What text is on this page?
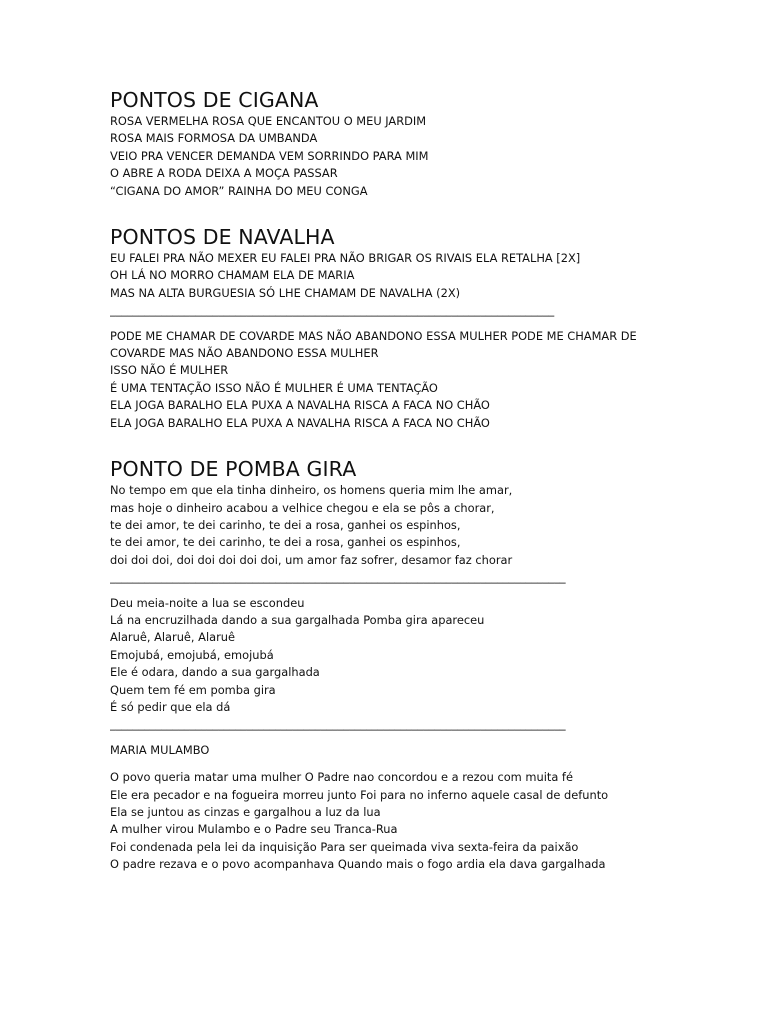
PONTOS DE CIGANA

ROSA VERMELHA ROSA QUE ENCANTOU O MEU JARDIM

ROSA MAIS FORMOSA DA UMBANDA

VEIO PRA VENCER DEMANDA VEM SORRINDO PARA MIM

O ABRE A RODA DEIXA A MOÇA PASSAR

“CIGANA DO AMOR” RAINHA DO MEU CONGA

PONTOS DE NAVALHA

EU FALEI PRA NÃO MEXER EU FALEI PRA NÃO BRIGAR OS RIVAIS ELA RETALHA [2X]

OH LÁ NO MORRO CHAMAM ELA DE MARIA

MAS NA ALTA BURGUESIA SÓ LHE CHAMAM DE NAVALHA (2X)

______________________________________________________________________________

PODE ME CHAMAR DE COVARDE MAS NÃO ABANDONO ESSA MULHER PODE ME CHAMAR DE

COVARDE MAS NÃO ABANDONO ESSA MULHER

ISSO NÃO É MULHER

É UMA TENTAÇÃO ISSO NÃO É MULHER É UMA TENTAÇÃO

ELA JOGA BARALHO ELA PUXA A NAVALHA RISCA A FACA NO CHÃO

ELA JOGA BARALHO ELA PUXA A NAVALHA RISCA A FACA NO CHÃO

PONTO DE POMBA GIRA

No tempo em que ela tinha dinheiro, os homens queria mim lhe amar,

mas hoje o dinheiro acabou a velhice chegou e ela se pôs a chorar,

te dei amor, te dei carinho, te dei a rosa, ganhei os espinhos,

te dei amor, te dei carinho, te dei a rosa, ganhei os espinhos,

doi doi doi, doi doi doi doi doi, um amor faz sofrer, desamor faz chorar

________________________________________________________________________________

Deu meia-noite a lua se escondeu

Lá na encruzilhada dando a sua gargalhada Pomba gira apareceu

Alaruê, Alaruê, Alaruê

Emojubá, emojubá, emojubá

Ele é odara, dando a sua gargalhada

Quem tem fé em pomba gira

É só pedir que ela dá

________________________________________________________________________________

MARIA MULAMBO

O povo queria matar uma mulher O Padre nao concordou e a rezou com muita fé

Ele era pecador e na fogueira morreu junto Foi para no inferno aquele casal de defunto

Ela se juntou as cinzas e gargalhou a luz da lua

A mulher virou Mulambo e o Padre seu Tranca-Rua

Foi condenada pela lei da inquisição Para ser queimada viva sexta-feira da paixão

O padre rezava e o povo acompanhava Quando mais o fogo ardia ela dava gargalhada
